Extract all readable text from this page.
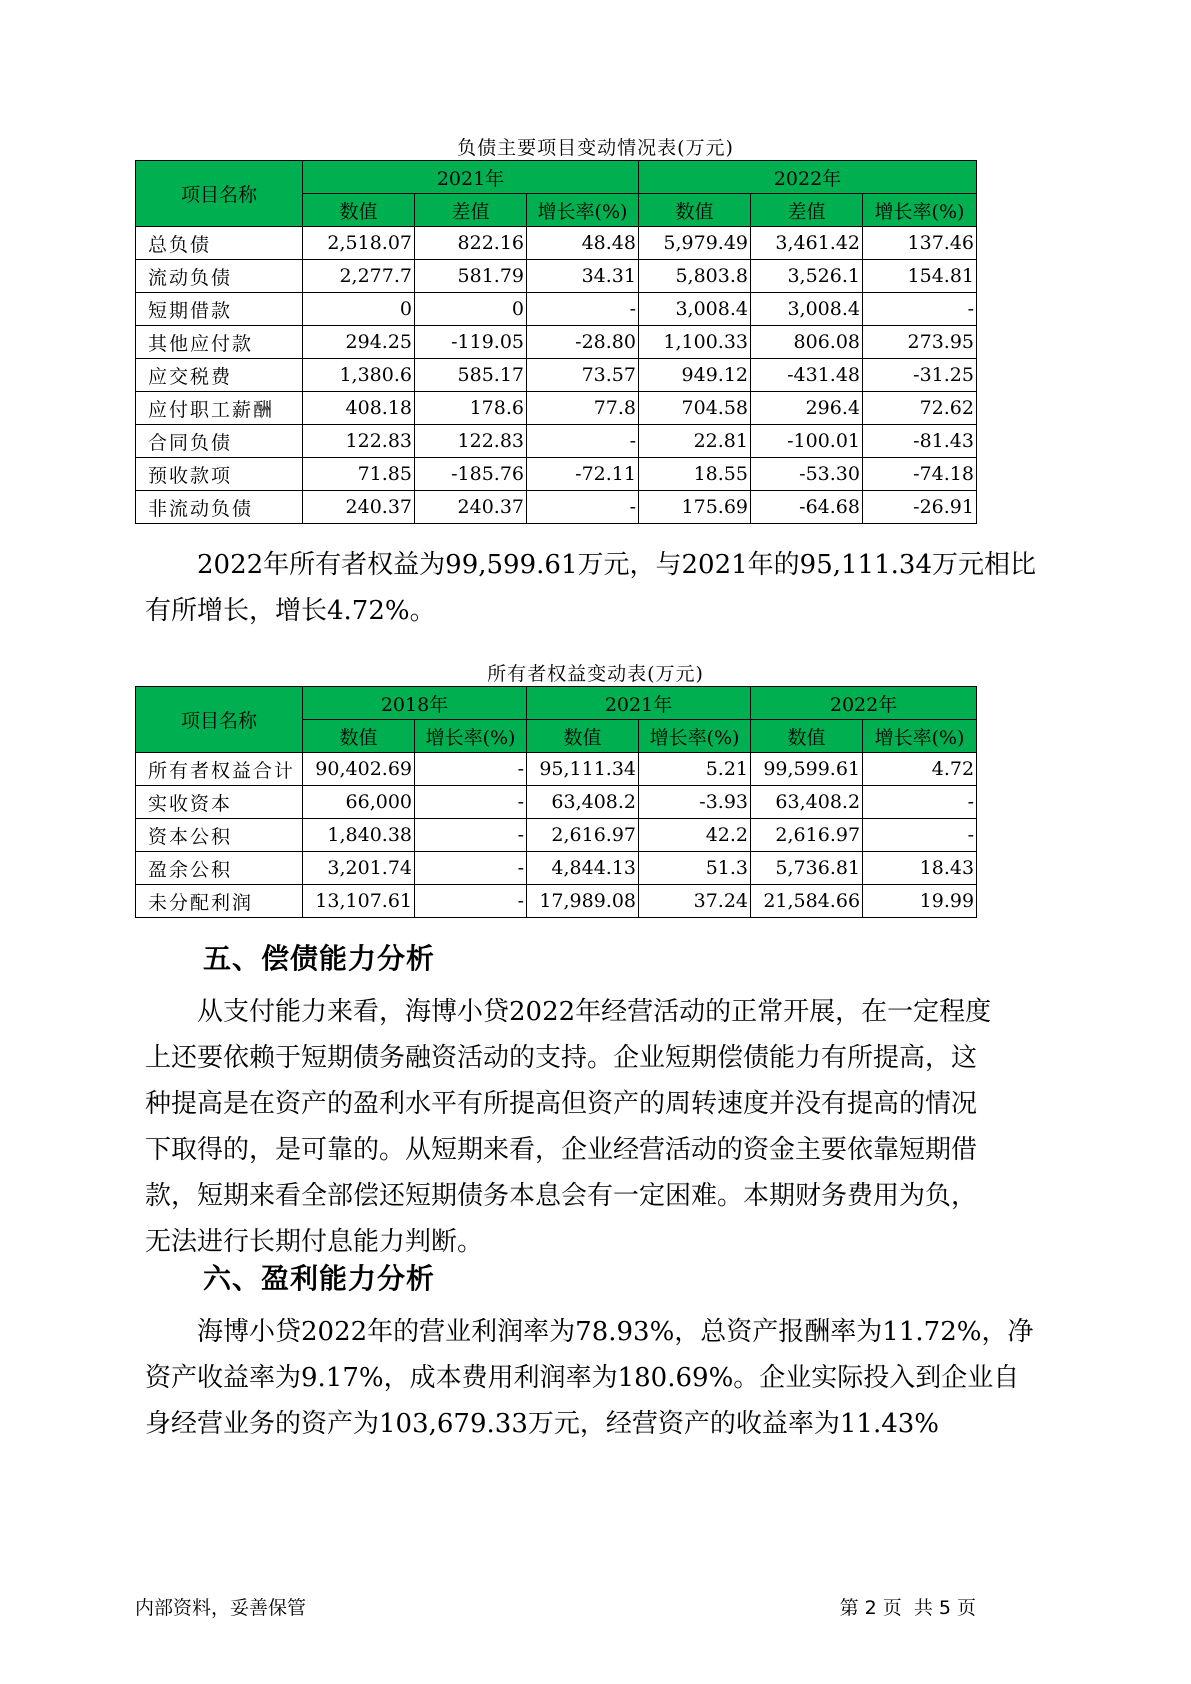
负债主要项目变动情况表(万元)
项目名称	2021年			2022年		
	数值	差值	增长率(%)	数值	差值	增长率(%)
总负债	2,518.07	822.16	48.48	5,979.49	3,461.42	137.46
流动负债	2,277.7	581.79	34.31	5,803.8	3,526.1	154.81
短期借款	0	0	-	3,008.4	3,008.4	-
其他应付款	294.25	-119.05	-28.80	1,100.33	806.08	273.95
应交税费	1,380.6	585.17	73.57	949.12	-431.48	-31.25
应付职工薪酬	408.18	178.6	77.8	704.58	296.4	72.62
合同负债	122.83	122.83	-	22.81	-100.01	-81.43
预收款项	71.85	-185.76	-72.11	18.55	-53.30	-74.18
非流动负债	240.37	240.37	-	175.69	-64.68	-26.91

2022年所有者权益为99,599.61万元，与2021年的95,111.34万元相比
有所增长，增长4.72%。

所有者权益变动表(万元)
项目名称	2018年		2021年		2022年	
	数值	增长率(%)	数值	增长率(%)	数值	增长率(%)
所有者权益合计	90,402.69	-	95,111.34	5.21	99,599.61	4.72
实收资本	66,000	-	63,408.2	-3.93	63,408.2	-
资本公积	1,840.38	-	2,616.97	42.2	2,616.97	-
盈余公积	3,201.74	-	4,844.13	51.3	5,736.81	18.43
未分配利润	13,107.61	-	17,989.08	37.24	21,584.66	19.99
五、偿债能力分析

从支付能力来看，海博小贷2022年经营活动的正常开展，在一定程度
上还要依赖于短期债务融资活动的支持。企业短期偿债能力有所提高，这
种提高是在资产的盈利水平有所提高但资产的周转速度并没有提高的情况
下取得的，是可靠的。从短期来看，企业经营活动的资金主要依靠短期借
款，短期来看全部偿还短期债务本息会有一定困难。本期财务费用为负，
无法进行长期付息能力判断。

六、盈利能力分析

海博小贷2022年的营业利润率为78.93%，总资产报酬率为11.72%，净
资产收益率为9.17%，成本费用利润率为180.69%。企业实际投入到企业自
身经营业务的资产为103,679.33万元，经营资产的收益率为11.43%

内部资料，妥善保管	第 2 页  共 5 页
